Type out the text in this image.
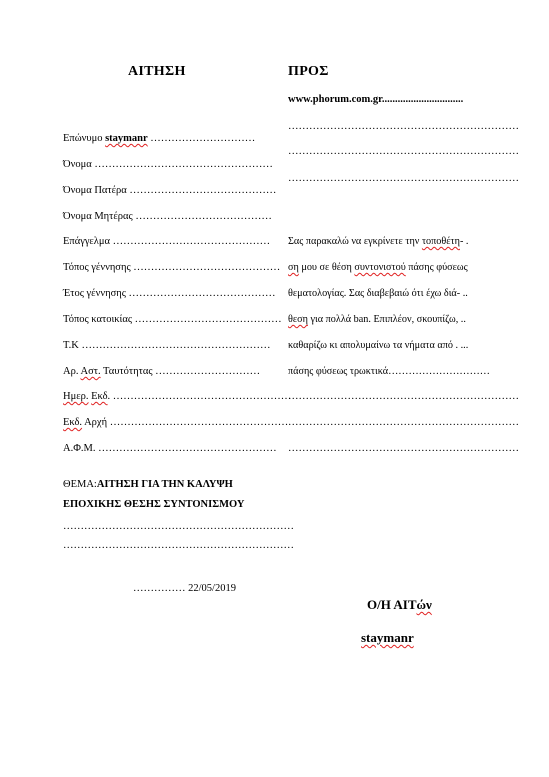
ΑΙΤΗΣΗ	ΠΡΟΣ
www.phorum.com.gr...............................
…………………………………………………………
…………………………………………………………
…………………………………………………………
Επώνυμο staymanr …………………………
Όνομα ……………………………………………
Όνομα Πατέρα ……………………………………
Όνομα Μητέρας …………………………………
Επάγγελμα ………………………………………
Τόπος γέννησης ……………………………………
Έτος γέννησης ……………………………………
Τόπος κατοικίας ……………………………………
Τ.Κ ………………………………………………
Αρ. Αστ. Ταυτότητας …………………………
Ημερ. Εκδ. ……………………………………………
Εκδ. Αρχή ……………………………………………
Α.Φ.Μ. ……………………………………………
ΘΕΜΑ:ΑΙΤΗΣΗ ΓΙΑ ΤΗΝ ΚΑΛΥΨΗ
ΕΠΟΧΙΚΗΣ ΘΕΣΗΣ ΣΥΝΤΟΝΙΣΜΟΥ
…………………………………………………………
…………………………………………………………
…………… 22/05/2019
Σας παρακαλώ να εγκρίνετε την τοποθέτη- .
ση μου σε θέση συντονιστού πάσης φύσεως
θεματολογίας. Σας διαβεβαιώ ότι έχω διά- ..
θεση για πολλά ban. Επιπλέον, σκουπίζω, ..
καθαρίζω κι απολυμαίνω τα νήματα από . ...
πάσης φύσεως τρωκτικά…………………………
…………………………………………………………
…………………………………………………………
…………………………………………………………
Ο/Η ΑΙΤών
staymanr
